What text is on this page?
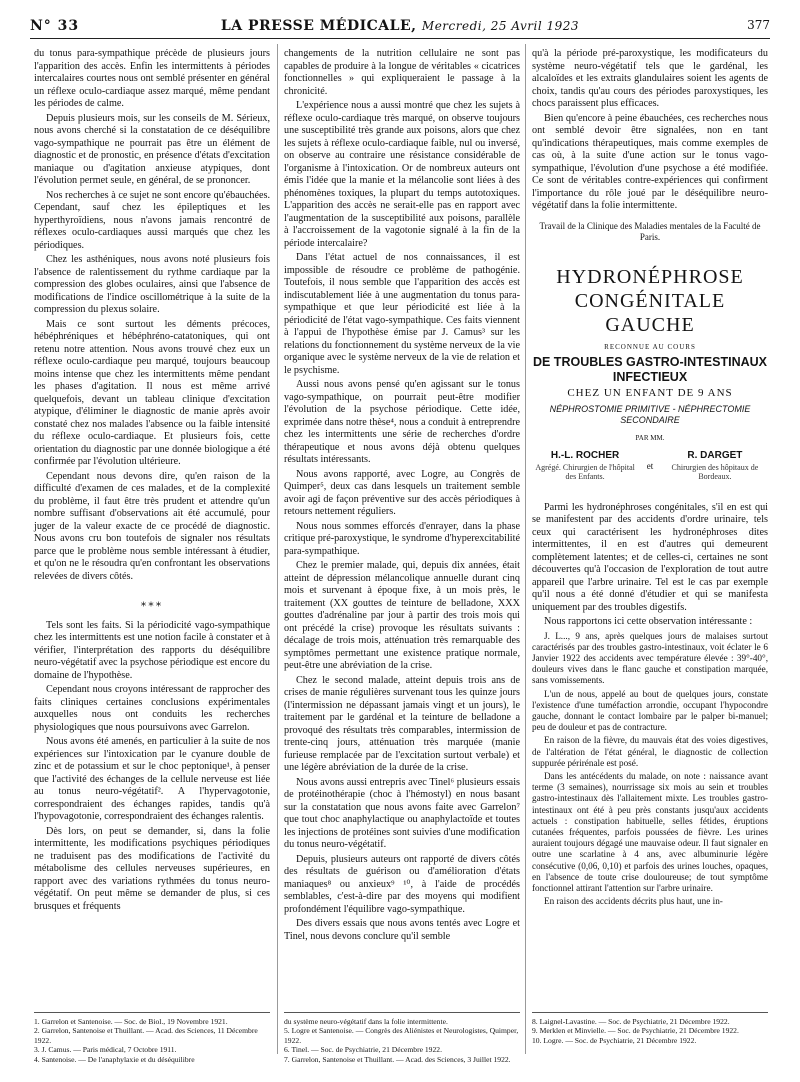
N° 33	LA PRESSE MÉDICALE, Mercredi, 25 Avril 1923	377

du tonus para-sympathique précède de plusieurs jours l'apparition des accès. Enfin les intermittents à périodes intercalaires courtes nous ont semblé présenter en général un réflexe oculo-cardiaque assez marqué, même pendant les périodes de calme.

Depuis plusieurs mois, sur les conseils de M. Sérieux, nous avons cherché si la constatation de ce déséquilibre vago-sympathique ne pourrait pas être un élément de diagnostic et de pronostic, en présence d'états d'excitation maniaque ou d'agitation anxieuse atypiques, dont l'évolution permet seule, en général, de se prononcer.

Nos recherches à ce sujet ne sont encore qu'ébauchées. Cependant, sauf chez les épileptiques et les hyperthyroïdiens, nous n'avons jamais rencontré de réflexes oculo-cardiaques aussi marqués que chez les périodiques.

Chez les asthéniques, nous avons noté plusieurs fois l'absence de ralentissement du rythme cardiaque par la compression des globes oculaires, ainsi que l'absence de modifications de l'indice oscillométrique à la suite de la compression du plexus solaire.

Mais ce sont surtout les déments précoces, hébéphréniques et hébéphréno-catatoniques, qui ont retenu notre attention. Nous avons trouvé chez eux un réflexe oculo-cardiaque peu marqué, toujours beaucoup moins intense que chez les intermittents même pendant les phases d'agitation. Il nous est même arrivé quelquefois, devant un tableau clinique d'excitation atypique, d'éliminer le diagnostic de manie après avoir constaté chez nos malades l'absence ou la faible intensité du réflexe oculo-cardiaque. Et plusieurs fois, cette orientation du diagnostic par une donnée biologique a été confirmée par l'évolution ultérieure.

Cependant nous devons dire, qu'en raison de la difficulté d'examen de ces malades, et de la complexité du problème, il faut être très prudent et attendre qu'un nombre suffisant d'observations ait été accumulé, pour juger de la valeur exacte de ce procédé de diagnostic. Nous avons cru bon toutefois de signaler nos résultats parce que le problème nous semble intéressant à étudier, et qu'on ne le résoudra qu'en confrontant les observations relevées de divers côtés.

⁎⁎⁎

Tels sont les faits. Si la périodicité vago-sympathique chez les intermittents est une notion facile à constater et à vérifier, l'interprétation des rapports du déséquilibre neuro-végétatif avec la psychose périodique est encore du domaine de l'hypothèse.

Cependant nous croyons intéressant de rapprocher des faits cliniques certaines conclusions expérimentales auxquelles nous ont conduits les recherches physiologiques que nous poursuivons avec Garrelon.

Nous avons été amenés, en particulier à la suite de nos expériences sur l'intoxication par le cyanure double de zinc et de potassium et sur le choc peptonique¹, à penser que l'activité des échanges de la cellule nerveuse est liée au tonus neuro-végétatif². A l'hypervagotonie, correspondraient des échanges rapides, tandis qu'à l'hypovagotonie, correspondraient des échanges ralentis.

Dès lors, on peut se demander, si, dans la folie intermittente, les modifications psychiques périodiques ne traduisent pas des modifications de l'activité du métabolisme des cellules nerveuses supérieures, en rapport avec des variations rythmées du tonus neuro-végétatif. On peut même se demander de plus, si ces brusques et fréquents

changements de la nutrition cellulaire ne sont pas capables de produire à la longue de véritables « cicatrices fonctionnelles » qui expliqueraient le passage à la chronicité.

L'expérience nous a aussi montré que chez les sujets à réflexe oculo-cardiaque très marqué, on observe toujours une susceptibilité très grande aux poisons, alors que chez les sujets à réflexe oculo-cardiaque faible, nul ou inversé, on observe au contraire une résistance considérable de l'organisme à l'intoxication. Or de nombreux auteurs ont émis l'idée que la manie et la mélancolie sont liées à des phénomènes toxiques, la plupart du temps autotoxiques. L'apparition des accès ne serait-elle pas en rapport avec l'augmentation de la susceptibilité aux poisons, parallèle à l'accroissement de la vagotonie signalé à la fin de la période intercalaire?

Dans l'état actuel de nos connaissances, il est impossible de résoudre ce problème de pathogénie. Toutefois, il nous semble que l'apparition des accès est indiscutablement liée à une augmentation du tonus para-sympathique et que leur périodicité est liée à la périodicité de l'état vago-sympathique. Ces faits viennent à l'appui de l'hypothèse émise par J. Camus³ sur les relations du fonctionnement du système nerveux de la vie organique avec le système nerveux de la vie de relation et le psychisme.

Aussi nous avons pensé qu'en agissant sur le tonus vago-sympathique, on pourrait peut-être modifier l'évolution de la psychose périodique. Cette idée, exprimée dans notre thèse⁴, nous a conduit à entreprendre chez les intermittents une série de recherches d'ordre thérapeutique et nous avons déjà obtenu quelques résultats intéressants.

Nous avons rapporté, avec Logre, au Congrès de Quimper⁵, deux cas dans lesquels un traitement semble avoir agi de façon préventive sur des accès périodiques à retours nettement réguliers.

Nous nous sommes efforcés d'enrayer, dans la phase critique pré-paroxystique, le syndrome d'hyperexcitabilité para-sympathique.

Chez le premier malade, qui, depuis dix années, était atteint de dépression mélancolique annuelle durant cinq mois et survenant à époque fixe, à un mois près, le traitement (XX gouttes de teinture de belladone, XXX gouttes d'adrénaline par jour à partir des trois mois qui ont précédé la crise) provoque les résultats suivants : décalage de trois mois, atténuation très remarquable des symptômes permettant une existence pratique normale, peut-être une abréviation de la crise.

Chez le second malade, atteint depuis trois ans de crises de manie régulières survenant tous les quinze jours (l'intermission ne dépassant jamais vingt et un jours), le traitement par le gardénal et la teinture de belladone a provoqué des résultats très comparables, intermission de trente-cinq jours, atténuation très marquée (manie furieuse remplacée par de l'excitation surtout verbale) et une légère abréviation de la durée de la crise.

Nous avons aussi entrepris avec Tinel⁶ plusieurs essais de protéinothérapie (choc à l'hémostyl) en nous basant sur la constatation que nous avons faite avec Garrelon⁷ que tout choc anaphylactique ou anaphylactoïde et toutes les injections de protéines sont suivies d'une modification du tonus neuro-végétatif.

Depuis, plusieurs auteurs ont rapporté de divers côtés des résultats de guérison ou d'amélioration d'états maniaques⁸ ou anxieux⁹ ¹⁰, à l'aide de procédés semblables, c'est-à-dire par des moyens qui modifient profondément l'équilibre vago-sympathique.

Des divers essais que nous avons tentés avec Logre et Tinel, nous devons conclure qu'il semble

qu'à la période pré-paroxystique, les modificateurs du système neuro-végétatif tels que le gardénal, les alcaloïdes et les extraits glandulaires soient les agents de choix, tandis qu'au cours des périodes paroxystiques, les chocs paraissent plus efficaces.

Bien qu'encore à peine ébauchées, ces recherches nous ont semblé devoir être signalées, non en tant qu'indications thérapeutiques, mais comme exemples de cas où, à la suite d'une action sur le tonus vago-sympathique, l'évolution d'une psychose a été modifiée. Ce sont de véritables contre-expériences qui confirment l'importance du rôle joué par le déséquilibre neuro-végétatif dans la folie intermittente.

Travail de la Clinique des Maladies mentales de la Faculté de Paris.
HYDRONÉPHROSE CONGÉNITALE GAUCHE
RECONNUE AU COURS
DE TROUBLES GASTRO-INTESTINAUX INFECTIEUX
CHEZ UN ENFANT DE 9 ANS
NÉPHROSTOMIE PRIMITIVE - NÉPHRECTOMIE SECONDAIRE
PAR MM.
H.-L. ROCHER
Agrégé. Chirurgien de l'hôpital des Enfants.
et
R. DARGET
Chirurgien des hôpitaux de Bordeaux.

Parmi les hydronéphroses congénitales, s'il en est qui se manifestent par des accidents d'ordre urinaire, tels ceux qui caractérisent les hydronéphroses dites intermittentes, il en est d'autres qui demeurent complètement latentes; et de celles-ci, certaines ne sont découvertes qu'à l'occasion de l'exploration de tout autre appareil que l'arbre urinaire. Tel est le cas par exemple qu'il nous a été donné d'étudier et qui se manifesta uniquement par des troubles digestifs.

Nous rapportons ici cette observation intéressante :

J. L..., 9 ans, après quelques jours de malaises surtout caractérisés par des troubles gastro-intestinaux, voit éclater le 6 Janvier 1922 des accidents avec température élevée : 39°-40°, douleurs vives dans le flanc gauche et constipation marquée, sans vomissements.

L'un de nous, appelé au bout de quelques jours, constate l'existence d'une tuméfaction arrondie, occupant l'hypocondre gauche, donnant le contact lombaire par le palper bi-manuel; peu de douleur et pas de contracture.

En raison de la fièvre, du mauvais état des voies digestives, de l'altération de l'état général, le diagnostic de collection suppurée périrénale est posé.

Dans les antécédents du malade, on note : naissance avant terme (3 semaines), nourrissage six mois au sein et troubles gastro-intestinaux dès l'allaitement mixte. Les troubles gastro-intestinaux ont été à peu près constants jusqu'aux accidents actuels : constipation habituelle, selles fétides, éruptions cutanées fréquentes, parfois poussées de fièvre. Les urines auraient toujours dégagé une mauvaise odeur. Il faut signaler en outre une scarlatine à 4 ans, avec albuminurie légère consécutive (0,06, 0,10) et parfois des urines louches, opaques, en l'absence de toute crise douloureuse; de tout symptôme fonctionnel attirant l'attention sur l'arbre urinaire.

En raison des accidents décrits plus haut, une in-

1. Garrelon et Santenoise. — Soc. de Biol., 19 Novembre 1921.
2. Garrelon, Santenoise et Thuillant. — Acad. des Sciences, 11 Décembre 1922.
3. J. Camus. — Paris médical, 7 Octobre 1911.
4. Santenoise. — De l'anaphylaxie et du déséquilibre
du système neuro-végétatif dans la folie intermittente.
5. Logre et Santenoise. — Congrès des Aliénistes et Neurologistes, Quimper, 1922.
6. Tinel. — Soc. de Psychiatrie, 21 Décembre 1922.
7. Garrelon, Santenoise et Thuillant. — Acad. des Sciences, 3 Juillet 1922.
8. Laignel-Lavastine. — Soc. de Psychiatrie, 21 Décembre 1922.
9. Merklen et Minvielle. — Soc. de Psychiatrie, 21 Décembre 1922.
10. Logre. — Soc. de Psychiatrie, 21 Décembre 1922.
